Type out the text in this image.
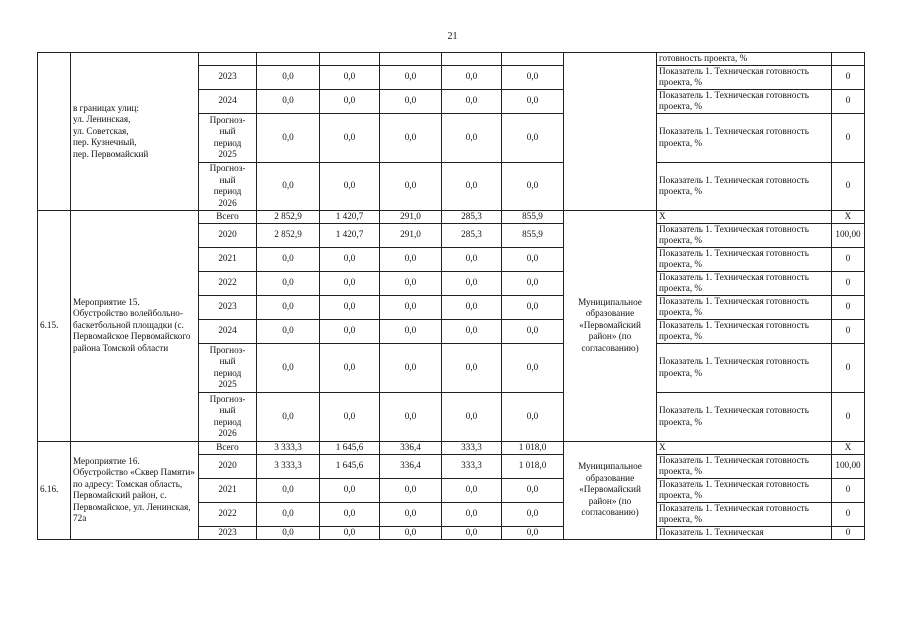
21
	в границах улиц:
ул. Ленинская,
ул. Советская,
пер. Кузнечный,
пер. Первомайский								готовность проекта, %	
		2023	0,0	0,0	0,0	0,0	0,0		Показатель 1. Техническая готовность проекта, %	0
		2024	0,0	0,0	0,0	0,0	0,0		Показатель 1. Техническая готовность проекта, %	0
		Прогноз-
ный
период
2025	0,0	0,0	0,0	0,0	0,0		Показатель 1. Техническая готовность проекта, %	0
		Прогноз-
ный
период
2026	0,0	0,0	0,0	0,0	0,0		Показатель 1. Техническая готовность проекта, %	0
6.15.	Мероприятие 15. Обустройство волейбольно-баскетбольной площадки (с. Первомайское Первомайского района Томской области	Всего	2 852,9	1 420,7	291,0	285,3	855,9	Муниципальное образование «Первомайский район» (по согласованию)	Х	Х
		2020	2 852,9	1 420,7	291,0	285,3	855,9		Показатель 1. Техническая готовность проекта, %	100,00
		2021	0,0	0,0	0,0	0,0	0,0		Показатель 1. Техническая готовность проекта, %	0
		2022	0,0	0,0	0,0	0,0	0,0		Показатель 1. Техническая готовность проекта, %	0
		2023	0,0	0,0	0,0	0,0	0,0		Показатель 1. Техническая готовность проекта, %	0
		2024	0,0	0,0	0,0	0,0	0,0		Показатель 1. Техническая готовность проекта, %	0
		Прогноз-
ный
период
2025	0,0	0,0	0,0	0,0	0,0		Показатель 1. Техническая готовность проекта, %	0
		Прогноз-
ный
период
2026	0,0	0,0	0,0	0,0	0,0		Показатель 1. Техническая готовность проекта, %	0
6.16.	Мероприятие 16. Обустройство «Сквер Памяти» по адресу: Томская область, Первомайский район, с. Первомайское, ул. Ленинская, 72а	Всего	3 333,3	1 645,6	336,4	333,3	1 018,0	Муниципальное образование «Первомайский район» (по согласованию)	Х	Х
		2020	3 333,3	1 645,6	336,4	333,3	1 018,0		Показатель 1. Техническая готовность проекта, %	100,00
		2021	0,0	0,0	0,0	0,0	0,0		Показатель 1. Техническая готовность проекта, %	0
		2022	0,0	0,0	0,0	0,0	0,0		Показатель 1. Техническая готовность проекта, %	0
		2023	0,0	0,0	0,0	0,0	0,0		Показатель 1. Техническая	0
